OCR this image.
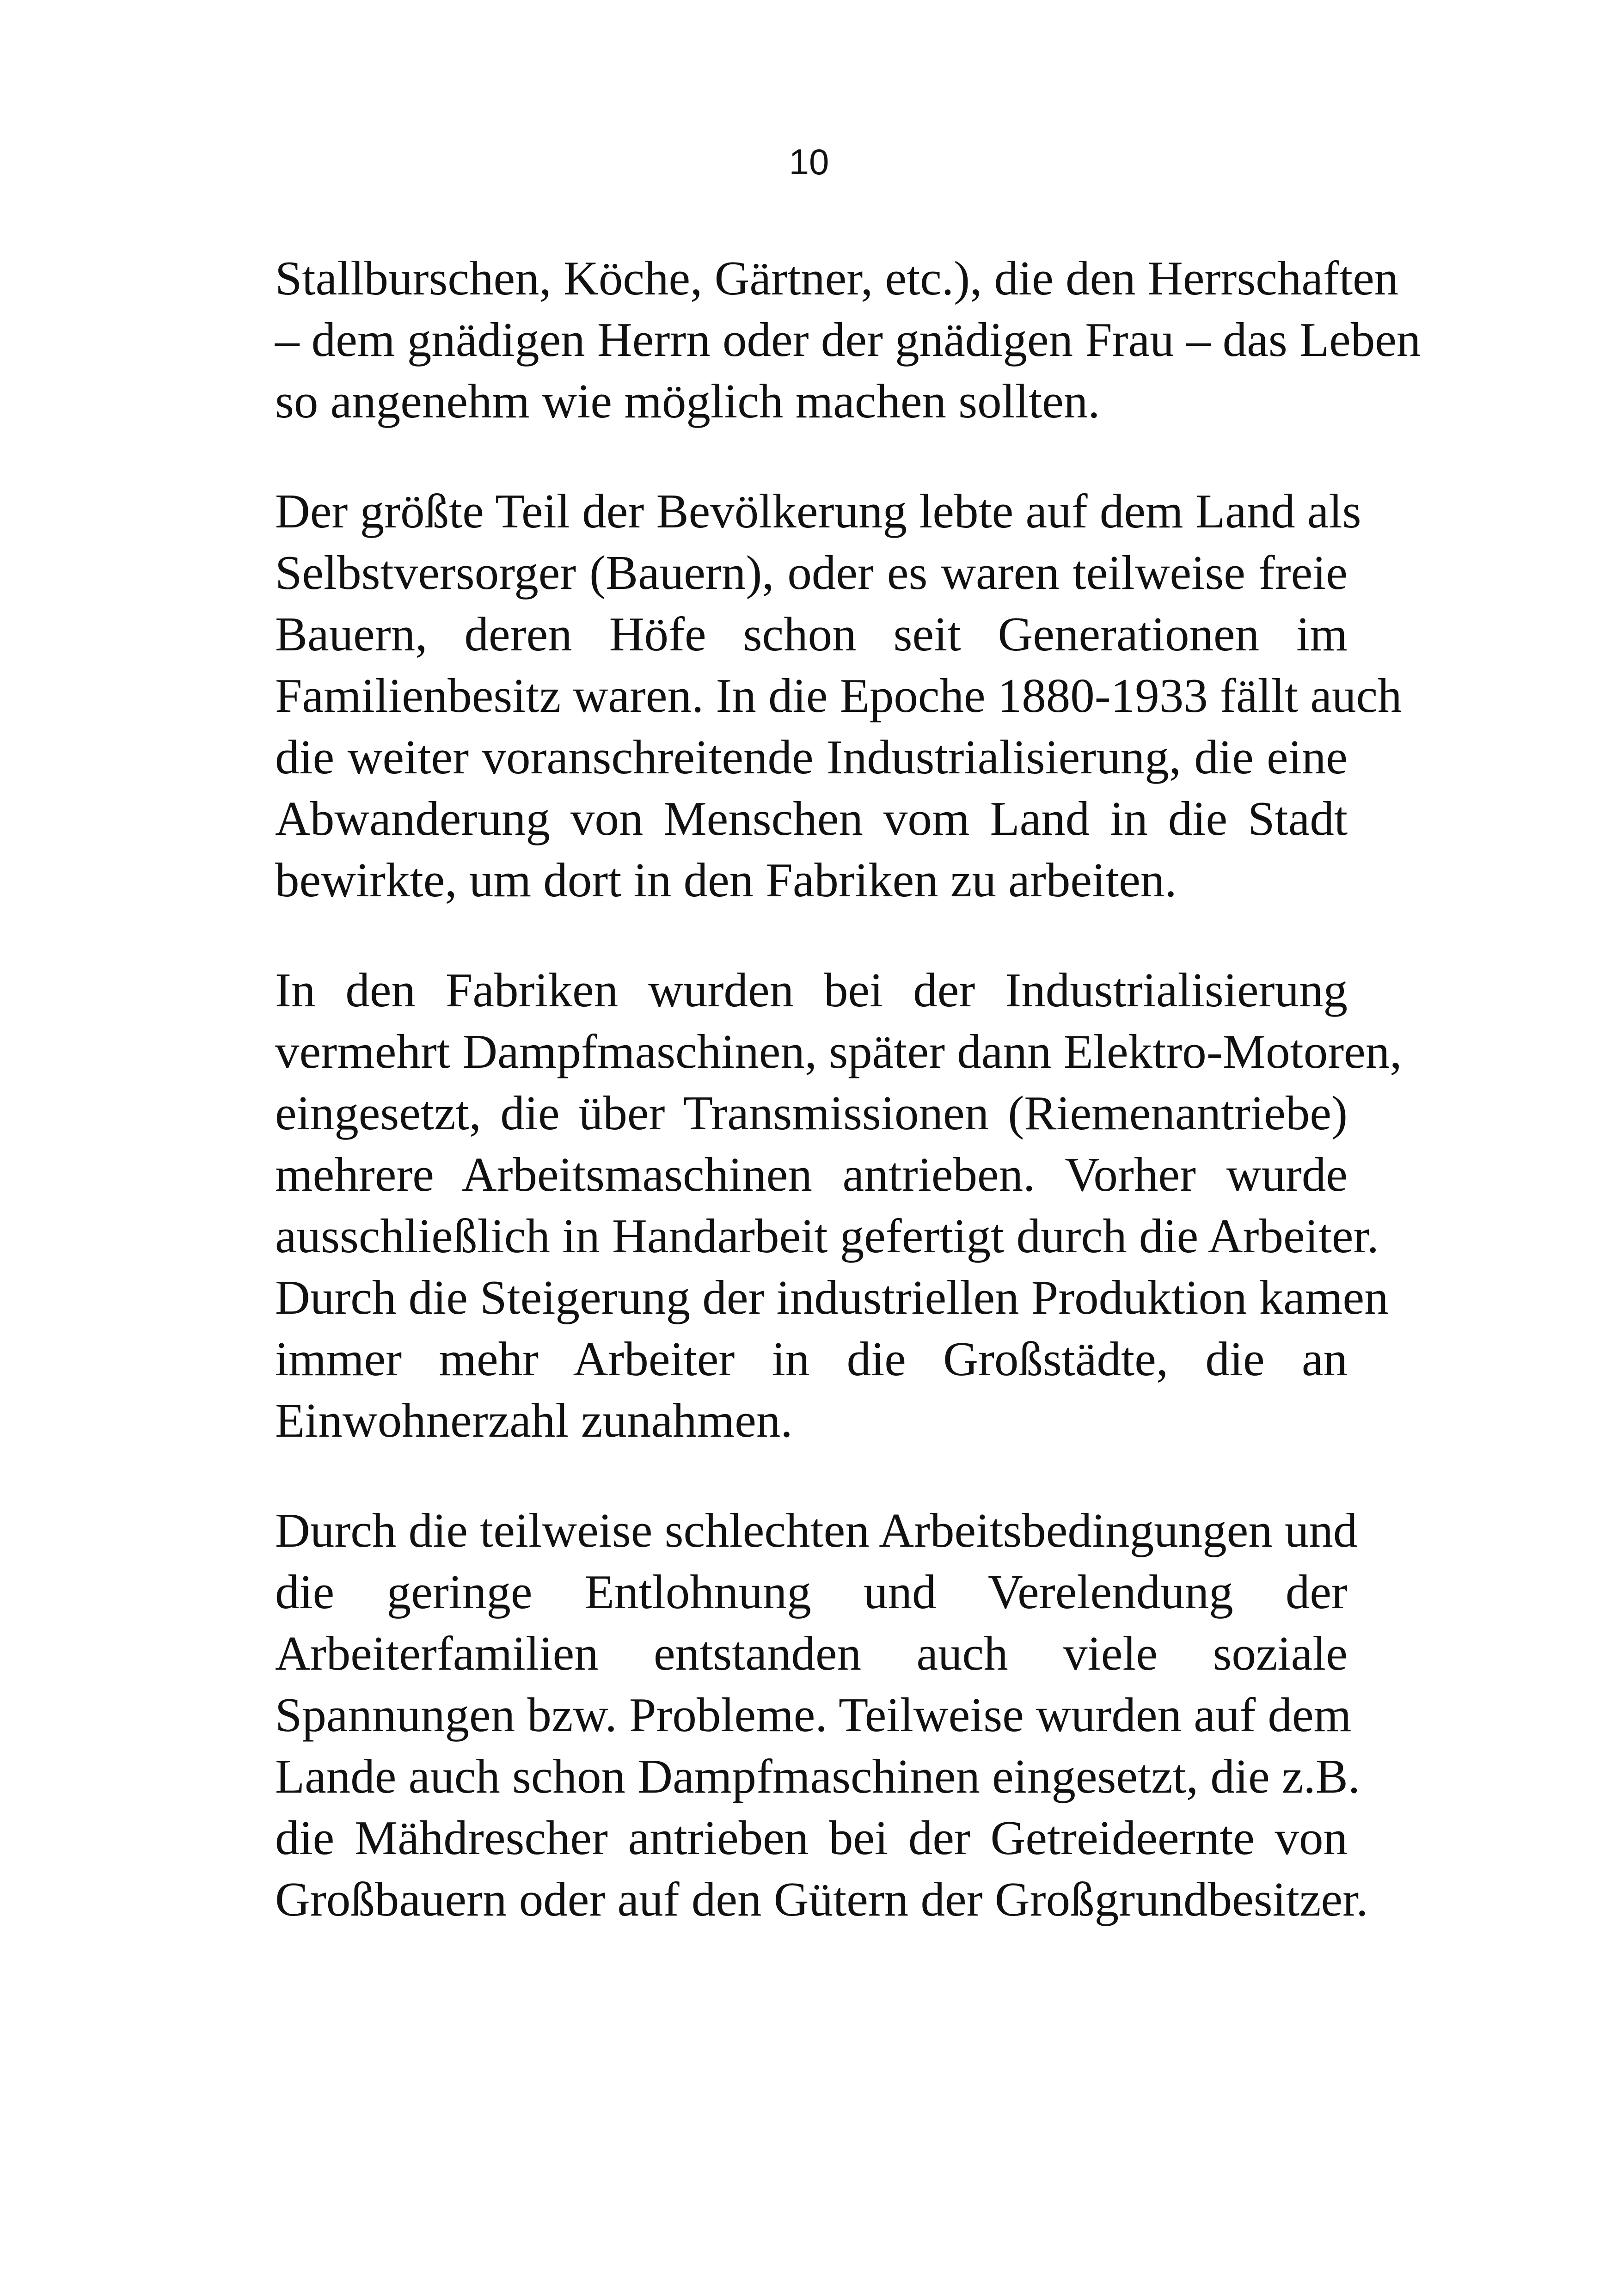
10
Stallburschen, Köche, Gärtner, etc.), die den Herrschaften
– dem gnädigen Herrn oder der gnädigen Frau – das Leben
so angenehm wie möglich machen sollten.
Der größte Teil der Bevölkerung lebte auf dem Land als
Selbstversorger (Bauern), oder es waren teilweise freie
Bauern, deren Höfe schon seit Generationen im
Familienbesitz waren. In die Epoche 1880-1933 fällt auch
die weiter voranschreitende Industrialisierung, die eine
Abwanderung von Menschen vom Land in die Stadt
bewirkte, um dort in den Fabriken zu arbeiten.
In den Fabriken wurden bei der Industrialisierung
vermehrt Dampfmaschinen, später dann Elektro-Motoren,
eingesetzt, die über Transmissionen (Riemenantriebe)
mehrere Arbeitsmaschinen antrieben. Vorher wurde
ausschließlich in Handarbeit gefertigt durch die Arbeiter.
Durch die Steigerung der industriellen Produktion kamen
immer mehr Arbeiter in die Großstädte, die an
Einwohnerzahl zunahmen.
Durch die teilweise schlechten Arbeitsbedingungen und
die geringe Entlohnung und Verelendung der
Arbeiterfamilien entstanden auch viele soziale
Spannungen bzw. Probleme. Teilweise wurden auf dem
Lande auch schon Dampfmaschinen eingesetzt, die z.B.
die Mähdrescher antrieben bei der Getreideernte von
Großbauern oder auf den Gütern der Großgrundbesitzer.
